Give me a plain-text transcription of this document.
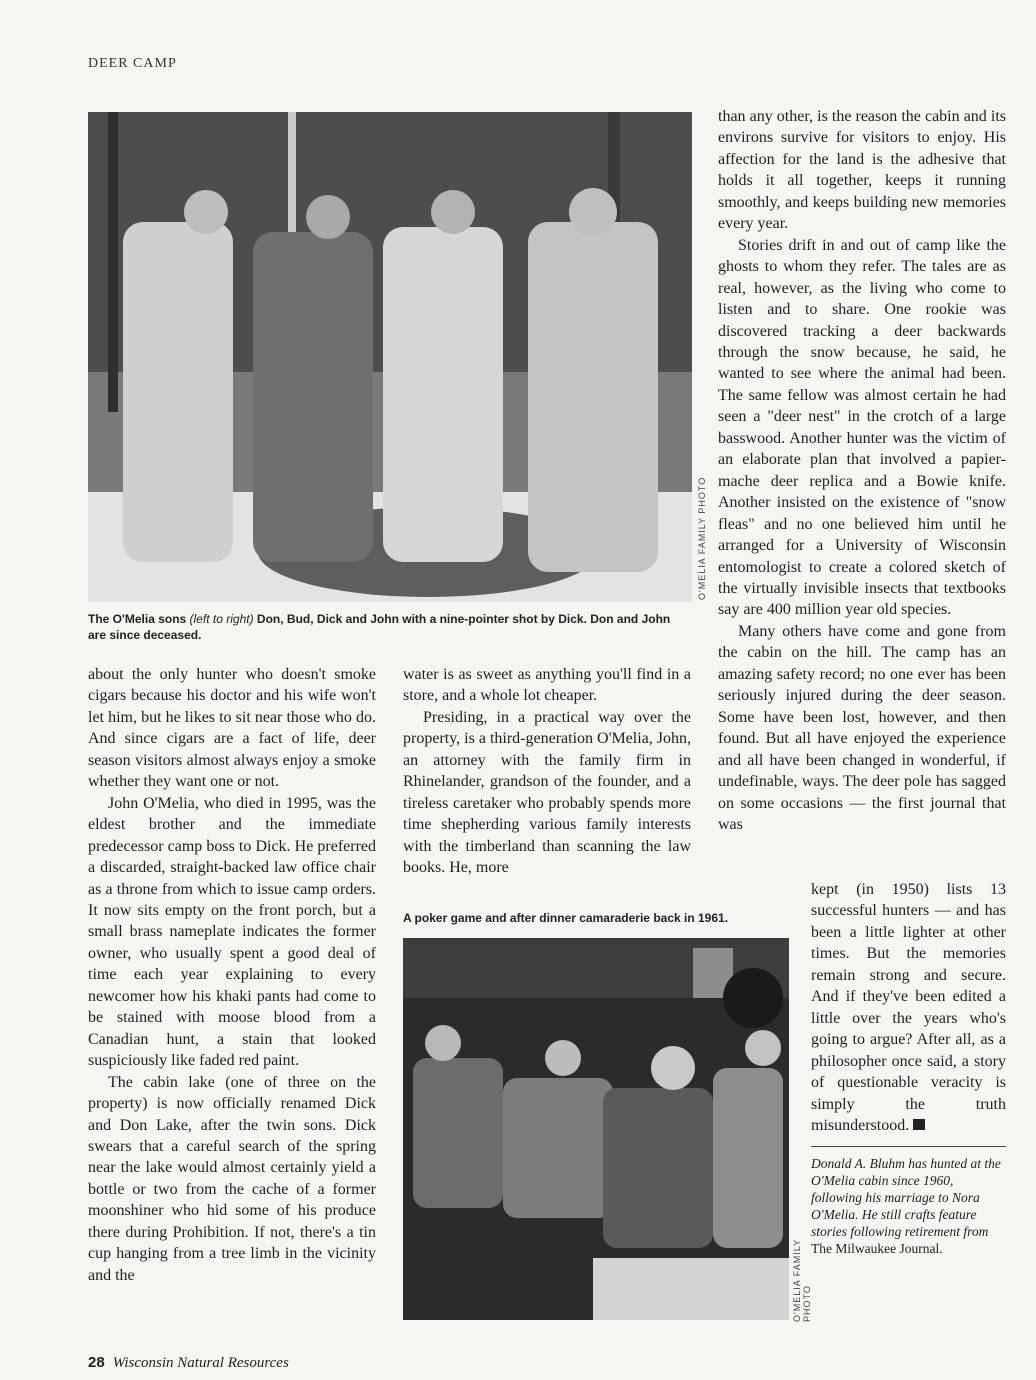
DEER CAMP
O'MELIA FAMILY PHOTO
The O'Melia sons (left to right) Don, Bud, Dick and John with a nine-pointer shot by Dick. Don and John are since deceased.

about the only hunter who doesn't smoke cigars because his doctor and his wife won't let him, but he likes to sit near those who do. And since cigars are a fact of life, deer season visitors almost always enjoy a smoke whether they want one or not.

John O'Melia, who died in 1995, was the eldest brother and the immediate predecessor camp boss to Dick. He preferred a discarded, straight-backed law office chair as a throne from which to issue camp orders. It now sits empty on the front porch, but a small brass nameplate indicates the former owner, who usually spent a good deal of time each year explaining to every newcomer how his khaki pants had come to be stained with moose blood from a Canadian hunt, a stain that looked suspiciously like faded red paint.

The cabin lake (one of three on the property) is now officially renamed Dick and Don Lake, after the twin sons. Dick swears that a careful search of the spring near the lake would almost certainly yield a bottle or two from the cache of a former moonshiner who hid some of his produce there during Prohibition. If not, there's a tin cup hanging from a tree limb in the vicinity and the

water is as sweet as anything you'll find in a store, and a whole lot cheaper.

Presiding, in a practical way over the property, is a third-generation O'Melia, John, an attorney with the family firm in Rhinelander, grandson of the founder, and a tireless caretaker who probably spends more time shepherding various family interests with the timberland than scanning the law books. He, more

A poker game and after dinner camaraderie back in 1961.
O'MELIA FAMILY PHOTO

than any other, is the reason the cabin and its environs survive for visitors to enjoy. His affection for the land is the adhesive that holds it all together, keeps it running smoothly, and keeps building new memories every year.

Stories drift in and out of camp like the ghosts to whom they refer. The tales are as real, however, as the living who come to listen and to share. One rookie was discovered tracking a deer backwards through the snow because, he said, he wanted to see where the animal had been. The same fellow was almost certain he had seen a "deer nest" in the crotch of a large basswood. Another hunter was the victim of an elaborate plan that involved a papier-mache deer replica and a Bowie knife. Another insisted on the existence of "snow fleas" and no one believed him until he arranged for a University of Wisconsin entomologist to create a colored sketch of the virtually invisible insects that textbooks say are 400 million year old species.

Many others have come and gone from the cabin on the hill. The camp has an amazing safety record; no one ever has been seriously injured during the deer season. Some have been lost, however, and then found. But all have enjoyed the experience and all have been changed in wonderful, if undefinable, ways. The deer pole has sagged on some occasions — the first journal that was

kept (in 1950) lists 13 successful hunters — and has been a little lighter at other times. But the memories remain strong and secure. And if they've been edited a little over the years who's going to argue? After all, as a philosopher once said, a story of questionable veracity is simply the truth misunderstood.

Donald A. Bluhm has hunted at the O'Melia cabin since 1960, following his marriage to Nora O'Melia. He still crafts feature stories following retirement from The Milwaukee Journal.
28 Wisconsin Natural Resources
